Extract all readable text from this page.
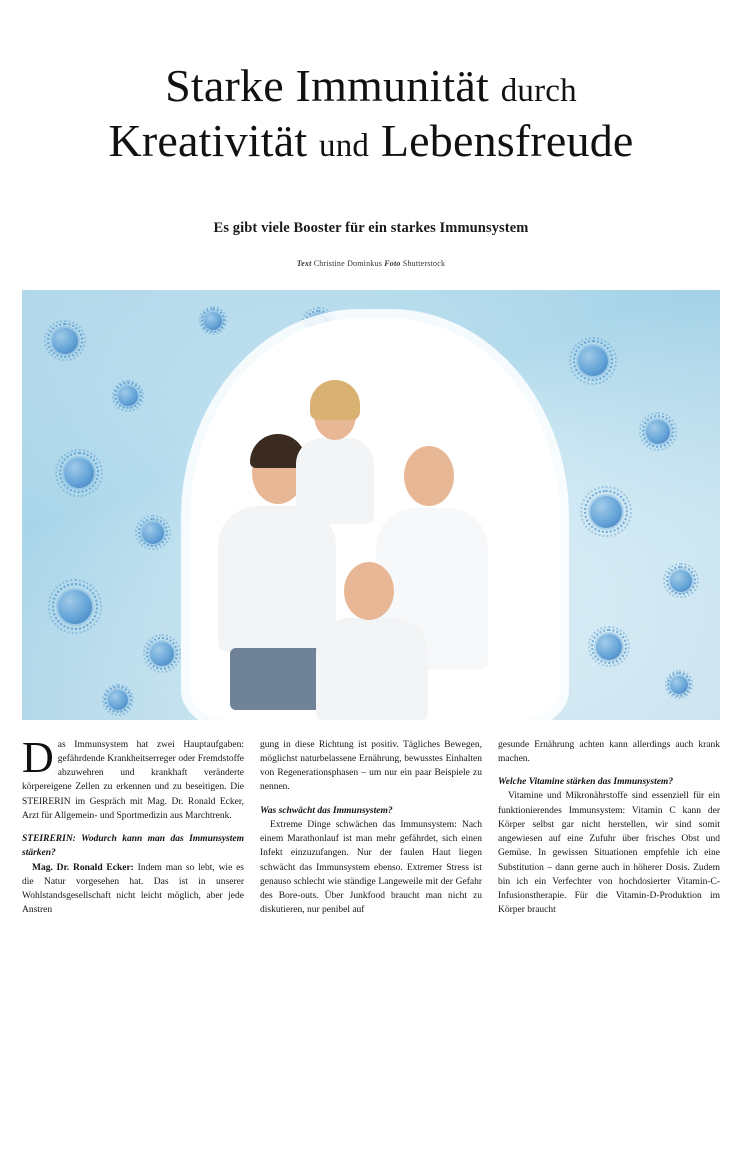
Starke Immunität durch
Kreativität und Lebensfreude
Es gibt viele Booster für ein starkes Immunsystem
Text Christine Dominkus Foto Shutterstock

Das Immunsystem hat zwei Hauptaufgaben: gefährdende Krankheitserreger oder Fremdstoffe abzuwehren und krankhaft veränderte körpereigene Zellen zu erkennen und zu beseitigen. Die STEIRERIN im Gespräch mit Mag. Dr. Ronald Ecker, Arzt für Allgemein- und Sportmedizin aus Marchtrenk.

STEIRERIN: Wodurch kann man das Immunsystem stärken?

Mag. Dr. Ronald Ecker: Indem man so lebt, wie es die Natur vorgesehen hat. Das ist in unserer Wohlstandsgesellschaft nicht leicht möglich, aber jede Anstren

gung in diese Richtung ist positiv. Tägliches Bewegen, möglichst naturbelassene Ernährung, bewusstes Einhalten von Regenerationsphasen – um nur ein paar Beispiele zu nennen.

Was schwächt das Immunsystem?

Extreme Dinge schwächen das Immunsystem: Nach einem Marathonlauf ist man mehr gefährdet, sich einen Infekt einzuzufangen. Nur der faulen Haut liegen schwächt das Immunsystem ebenso. Extremer Stress ist genauso schlecht wie ständige Langeweile mit der Gefahr des Bore-outs. Über Junkfood braucht man nicht zu diskutieren, nur penibel auf

gesunde Ernährung achten kann allerdings auch krank machen.

Welche Vitamine stärken das Immunsystem?

Vitamine und Mikronährstoffe sind essenziell für ein funktionierendes Immunsystem: Vitamin C kann der Körper selbst gar nicht herstellen, wir sind somit angewiesen auf eine Zufuhr über frisches Obst und Gemüse. In gewissen Situationen empfehle ich eine Substitution – dann gerne auch in höherer Dosis. Zudem bin ich ein Verfechter von hochdosierter Vitamin-C-Infusionstherapie. Für die Vitamin-D-Produktion im Körper braucht
